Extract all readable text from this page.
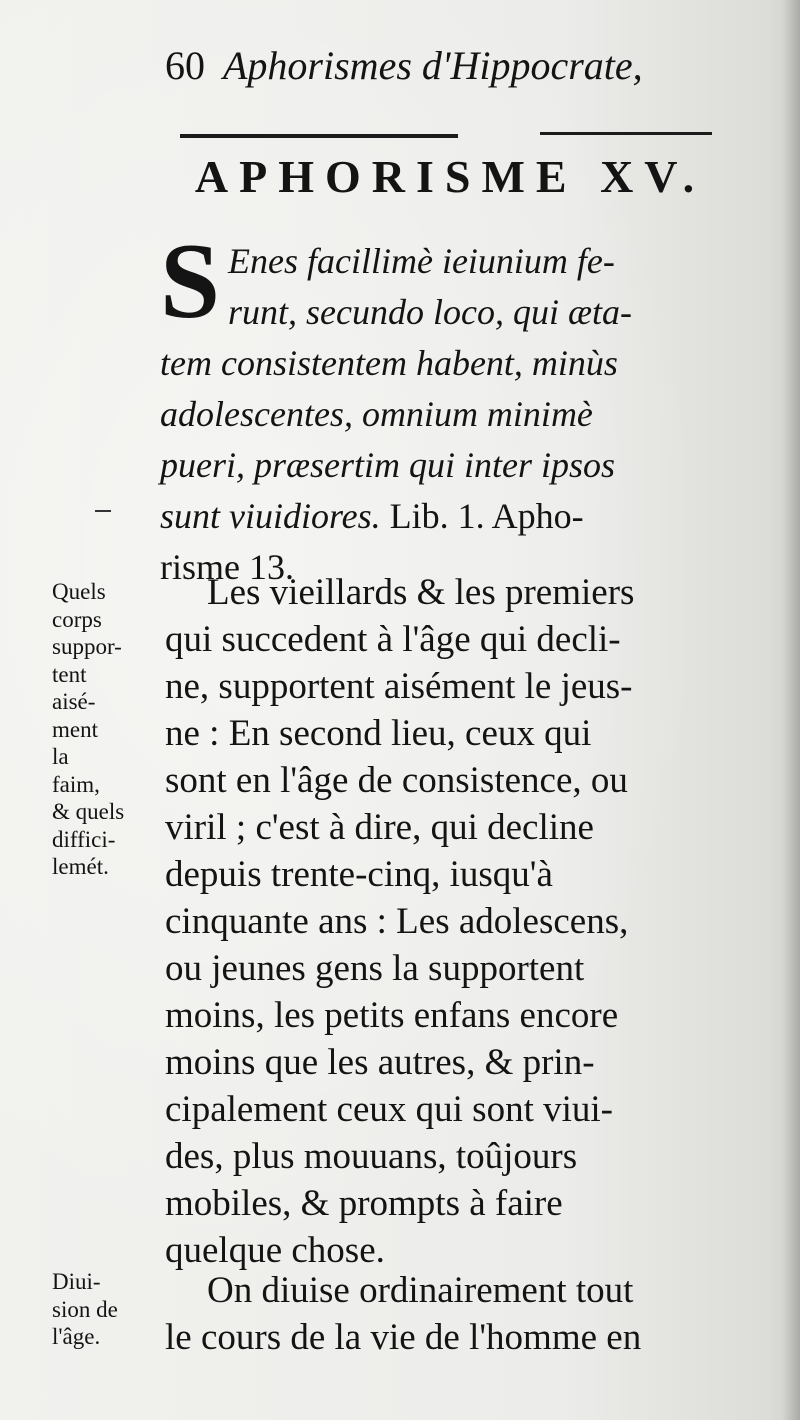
60 Aphorismes d'Hippocrate,
APHORISME XV.
S Enes facillimè ieiunium fe-
runt, secundo loco, qui æta-
tem consistentem habent, minùs
adolescentes, omnium minimè
pueri, præsertim qui inter ipsos
sunt viuidiores. Lib. 1. Apho-
risme 13.
Quels
corps
suppor-
tent
aisé-
ment
la
faim,
& quels
diffici-
lemét.
Les vieillards & les premiers
qui succedent à l'âge qui decli-
ne, supportent aisément le jeus-
ne : En second lieu, ceux qui
sont en l'âge de consistence, ou
viril ; c'est à dire, qui decline
depuis trente-cinq, iusqu'à
cinquante ans : Les adolescens,
ou jeunes gens la supportent
moins, les petits enfans encore
moins que les autres, & prin-
cipalement ceux qui sont viui-
des, plus mouuans, toûjours
mobiles, & prompts à faire
quelque chose.
Diui-
sion de
l'âge.
On diuise ordinairement tout
le cours de la vie de l'homme en
